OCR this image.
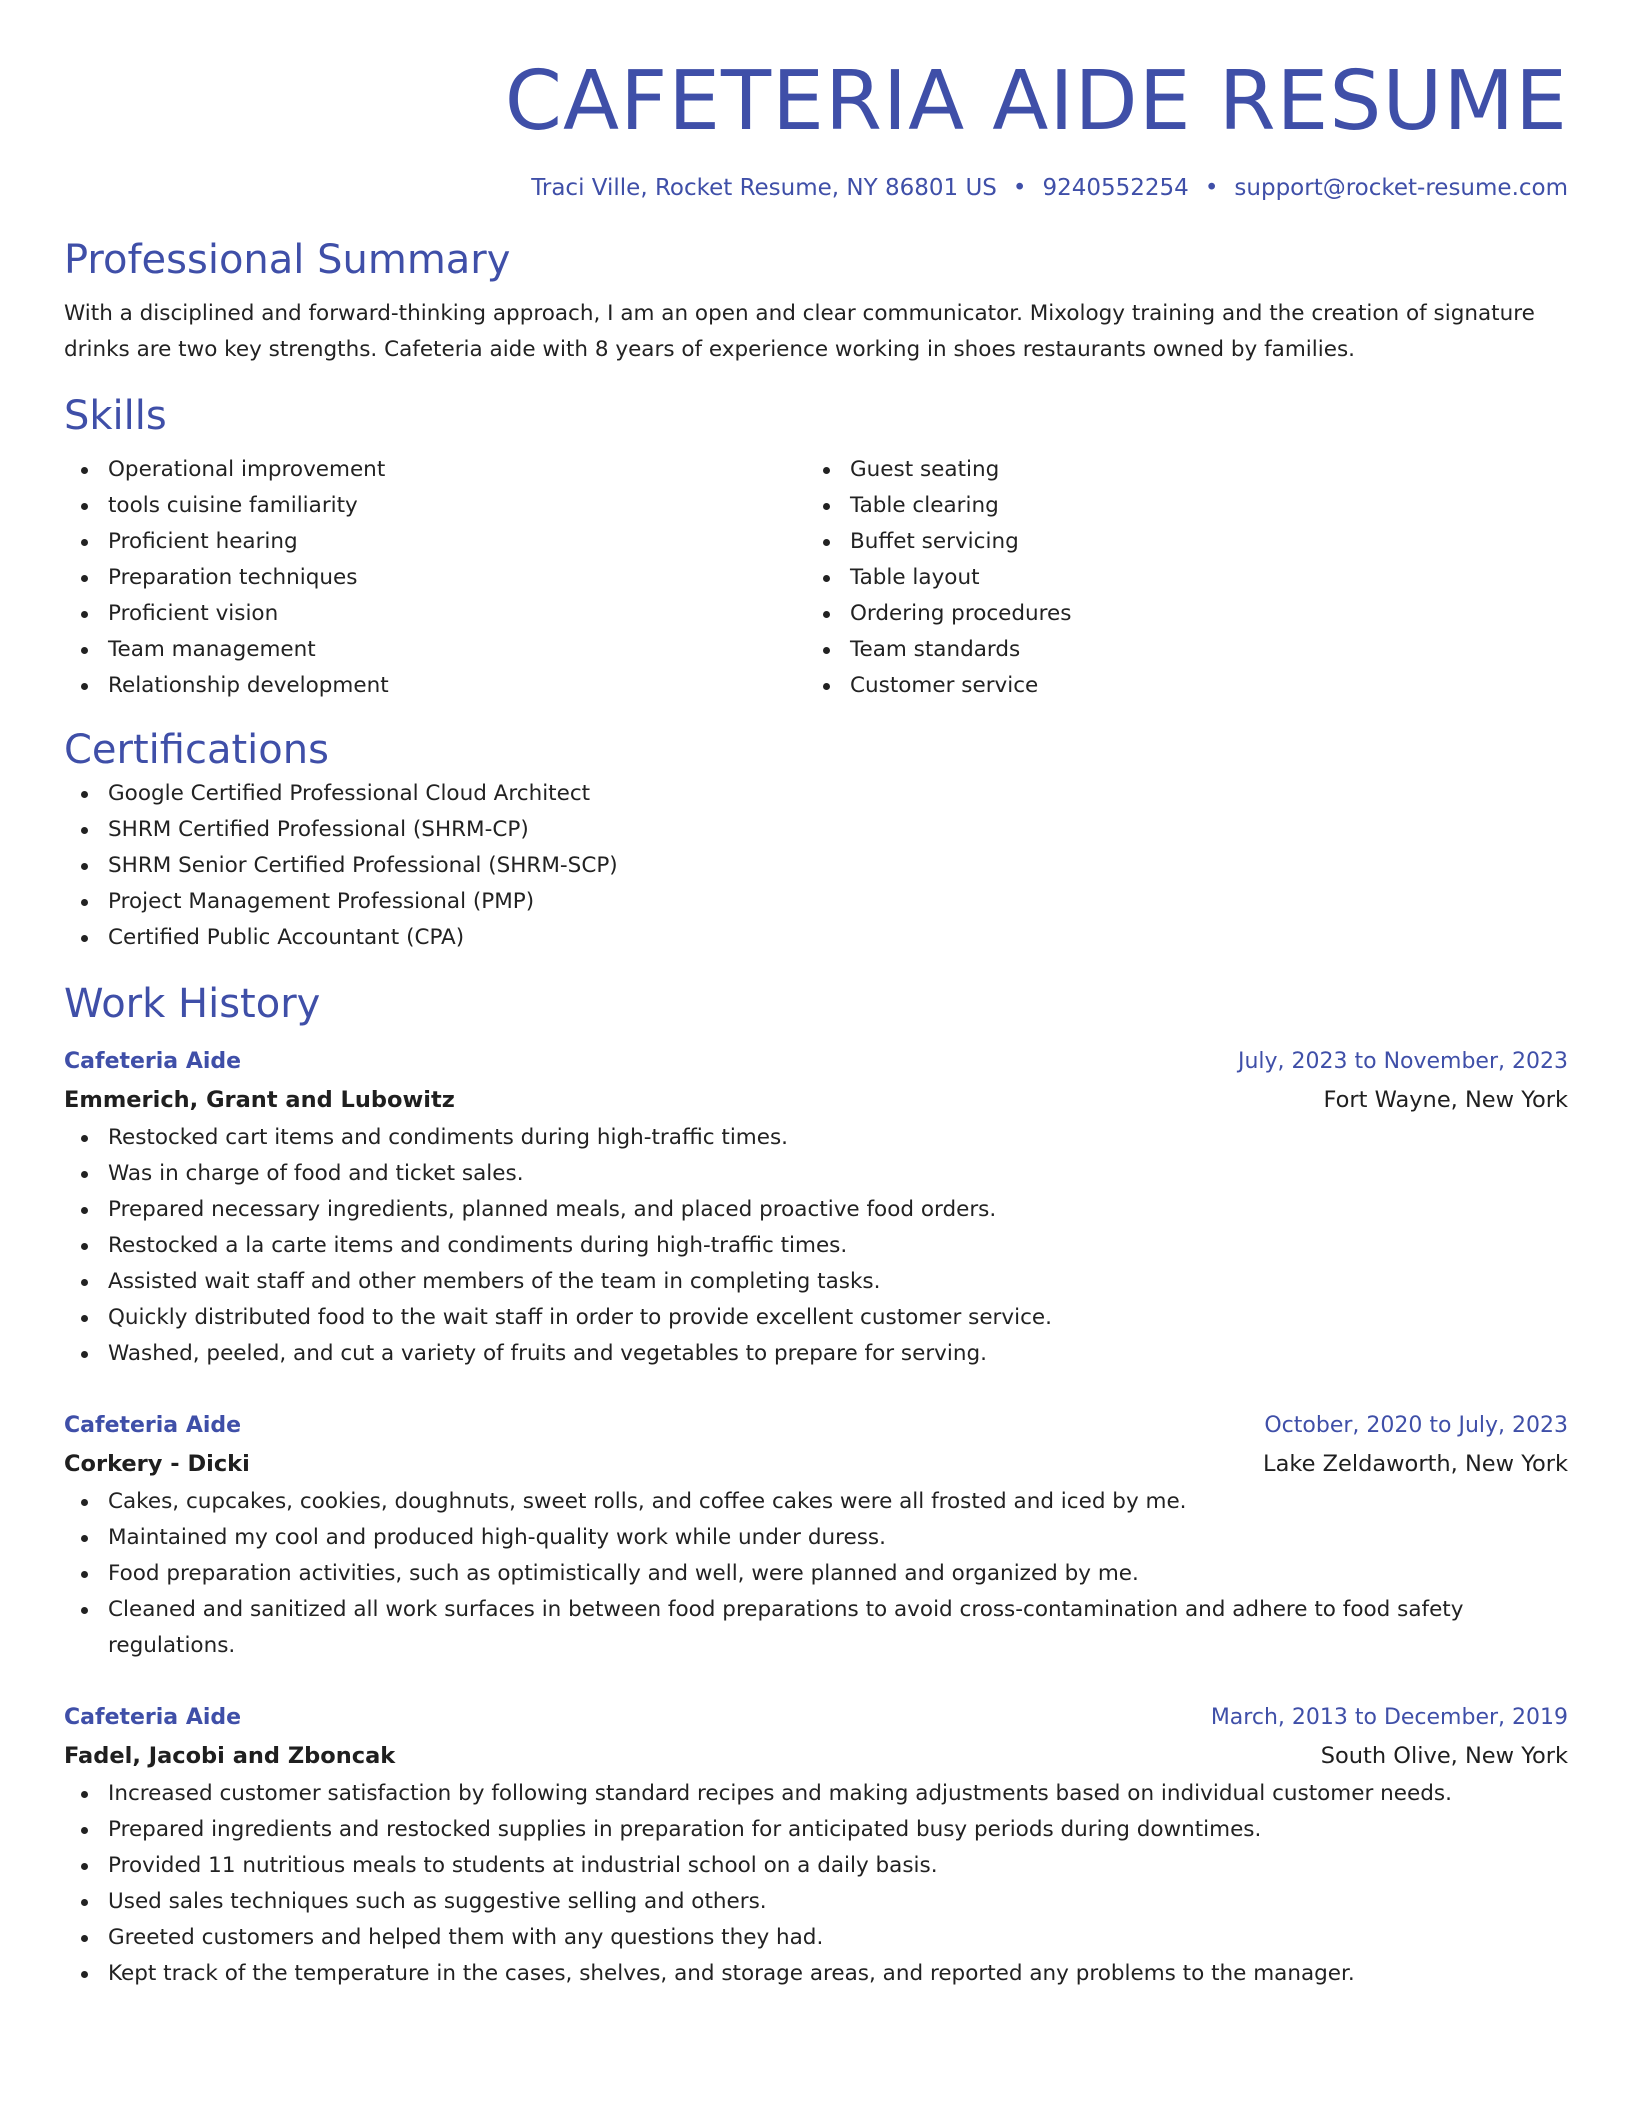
CAFETERIA AIDE RESUME
Traci Ville, Rocket Resume, NY 86801 US • 9240552254 • support@rocket-resume.com
Professional Summary
With a disciplined and forward-thinking approach, I am an open and clear communicator. Mixology training and the creation of signature drinks are two key strengths. Cafeteria aide with 8 years of experience working in shoes restaurants owned by families.
Skills
Operational improvement
tools cuisine familiarity
Proficient hearing
Preparation techniques
Proficient vision
Team management
Relationship development
Guest seating
Table clearing
Buffet servicing
Table layout
Ordering procedures
Team standards
Customer service
Certifications
Google Certified Professional Cloud Architect
SHRM Certified Professional (SHRM-CP)
SHRM Senior Certified Professional (SHRM-SCP)
Project Management Professional (PMP)
Certified Public Accountant (CPA)
Work History
Cafeteria Aide	July, 2023 to November, 2023
Emmerich, Grant and Lubowitz	Fort Wayne, New York
Restocked cart items and condiments during high-traffic times.
Was in charge of food and ticket sales.
Prepared necessary ingredients, planned meals, and placed proactive food orders.
Restocked a la carte items and condiments during high-traffic times.
Assisted wait staff and other members of the team in completing tasks.
Quickly distributed food to the wait staff in order to provide excellent customer service.
Washed, peeled, and cut a variety of fruits and vegetables to prepare for serving.
Cafeteria Aide	October, 2020 to July, 2023
Corkery - Dicki	Lake Zeldaworth, New York
Cakes, cupcakes, cookies, doughnuts, sweet rolls, and coffee cakes were all frosted and iced by me.
Maintained my cool and produced high-quality work while under duress.
Food preparation activities, such as optimistically and well, were planned and organized by me.
Cleaned and sanitized all work surfaces in between food preparations to avoid cross-contamination and adhere to food safety regulations.
Cafeteria Aide	March, 2013 to December, 2019
Fadel, Jacobi and Zboncak	South Olive, New York
Increased customer satisfaction by following standard recipes and making adjustments based on individual customer needs.
Prepared ingredients and restocked supplies in preparation for anticipated busy periods during downtimes.
Provided 11 nutritious meals to students at industrial school on a daily basis.
Used sales techniques such as suggestive selling and others.
Greeted customers and helped them with any questions they had.
Kept track of the temperature in the cases, shelves, and storage areas, and reported any problems to the manager.
